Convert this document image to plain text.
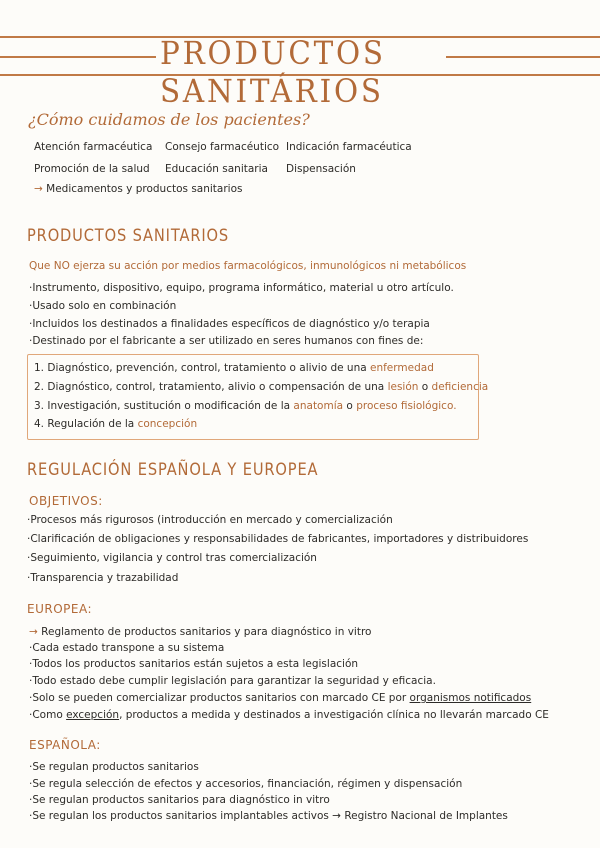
PRODUCTOS SANITÁRIOS
¿Cómo cuidamos de los pacientes?
Atención farmacéutica Consejo farmacéutico Indicación farmacéutica
Promoción de la salud Educación sanitaria Dispensación
→ Medicamentos y productos sanitarios
PRODUCTOS SANITARIOS
Que NO ejerza su acción por medios farmacológicos, inmunológicos ni metabólicos
·Instrumento, dispositivo, equipo, programa informático, material u otro artículo.
·Usado solo en combinación
·Incluidos los destinados a finalidades específicos de diagnóstico y/o terapia
·Destinado por el fabricante a ser utilizado en seres humanos con fines de:
1. Diagnóstico, prevención, control, tratamiento o alivio de una enfermedad
2. Diagnóstico, control, tratamiento, alivio o compensación de una lesión o deficiencia
3. Investigación, sustitución o modificación de la anatomía o proceso fisiológico.
4. Regulación de la concepción
REGULACIÓN ESPAÑOLA Y EUROPEA
OBJETIVOS:
·Procesos más rigurosos (introducción en mercado y comercialización
·Clarificación de obligaciones y responsabilidades de fabricantes, importadores y distribuidores
·Seguimiento, vigilancia y control tras comercialización
·Transparencia y trazabilidad
EUROPEA:
→ Reglamento de productos sanitarios y para diagnóstico in vitro
·Cada estado transpone a su sistema
·Todos los productos sanitarios están sujetos a esta legislación
·Todo estado debe cumplir legislación para garantizar la seguridad y eficacia.
·Solo se pueden comercializar productos sanitarios con marcado CE por organismos notificados
·Como excepción, productos a medida y destinados a investigación clínica no llevarán marcado CE
ESPAÑOLA:
·Se regulan productos sanitarios
·Se regula selección de efectos y accesorios, financiación, régimen y dispensación
·Se regulan productos sanitarios para diagnóstico in vitro
·Se regulan los productos sanitarios implantables activos → Registro Nacional de Implantes
